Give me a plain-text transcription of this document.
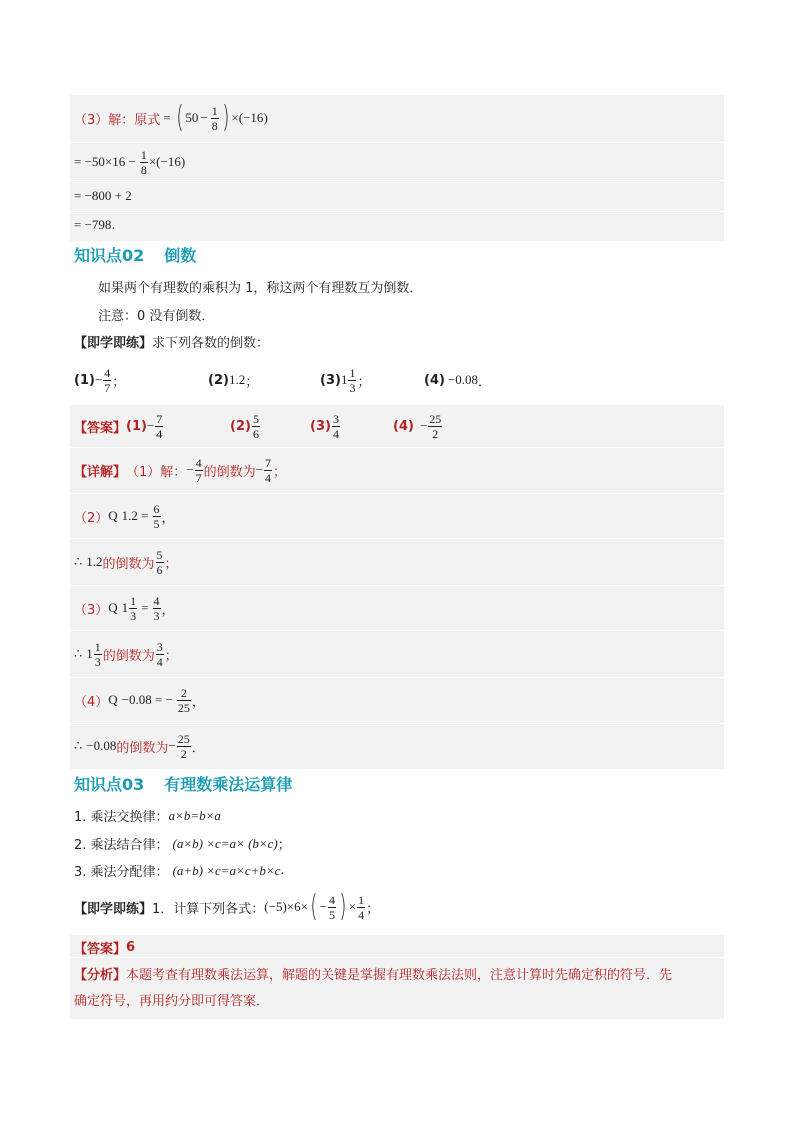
（3）解：原式 = ( $50 - \frac{1}{8}$ ) × (−16)
= $-50\times 16 - \frac{1}{8} \times(-16)$
= −800 + 2
= −798 .
知识点02 倒数
如果两个有理数的乘积为 1，称这两个有理数互为倒数．
注意：0 没有倒数．
【即学即练】 求下列各数的倒数：
$(1) - \frac{4}{7}$ ；	(2) 1.2 ；	(3) $1 \frac{1}{3}$ ；	(4) −0.08 ．
【答案】 $(1) - \frac{7}{4}$	$(2) \frac{5}{6}$	$(3) \frac{3}{4}$	$(4) - \frac{25}{2}$
【详解】 （1）解： − $\frac{4}{7}$ 的倒数为 − $\frac{7}{4}$ ；
（2） Q $1.2 = \frac{6}{5}$ ，
∴ 1.2 的倒数为 $\frac{5}{6}$ ；
（3） Q $1 \frac{1}{3} = \frac{4}{3}$ ，
∴ $1 \frac{1}{3}$ 的倒数为 $\frac{3}{4}$ ；
（4） Q −0.08 = − $\frac{2}{25}$ ，
∴ −0.08 的倒数为 − $\frac{25}{2}$ ．
知识点03 有理数乘法运算律
1. 乘法交换律： a×b=b×a
2. 乘法结合律： (a×b) ×c=a× (b×c) ；
3. 乘法分配律： (a+b) ×c=a×c+b×c .
【即学即练】 1．计算下列各式： (−5)×6× ( − $\frac{4}{5}$ ) × $\frac{1}{4}$ ；
【答案】 6
【分析】 本题考查有理数乘法运算，解题的关键是掌握有理数乘法法则，注意计算时先确定积的符号．先
确定符号，再用约分即可得答案．
